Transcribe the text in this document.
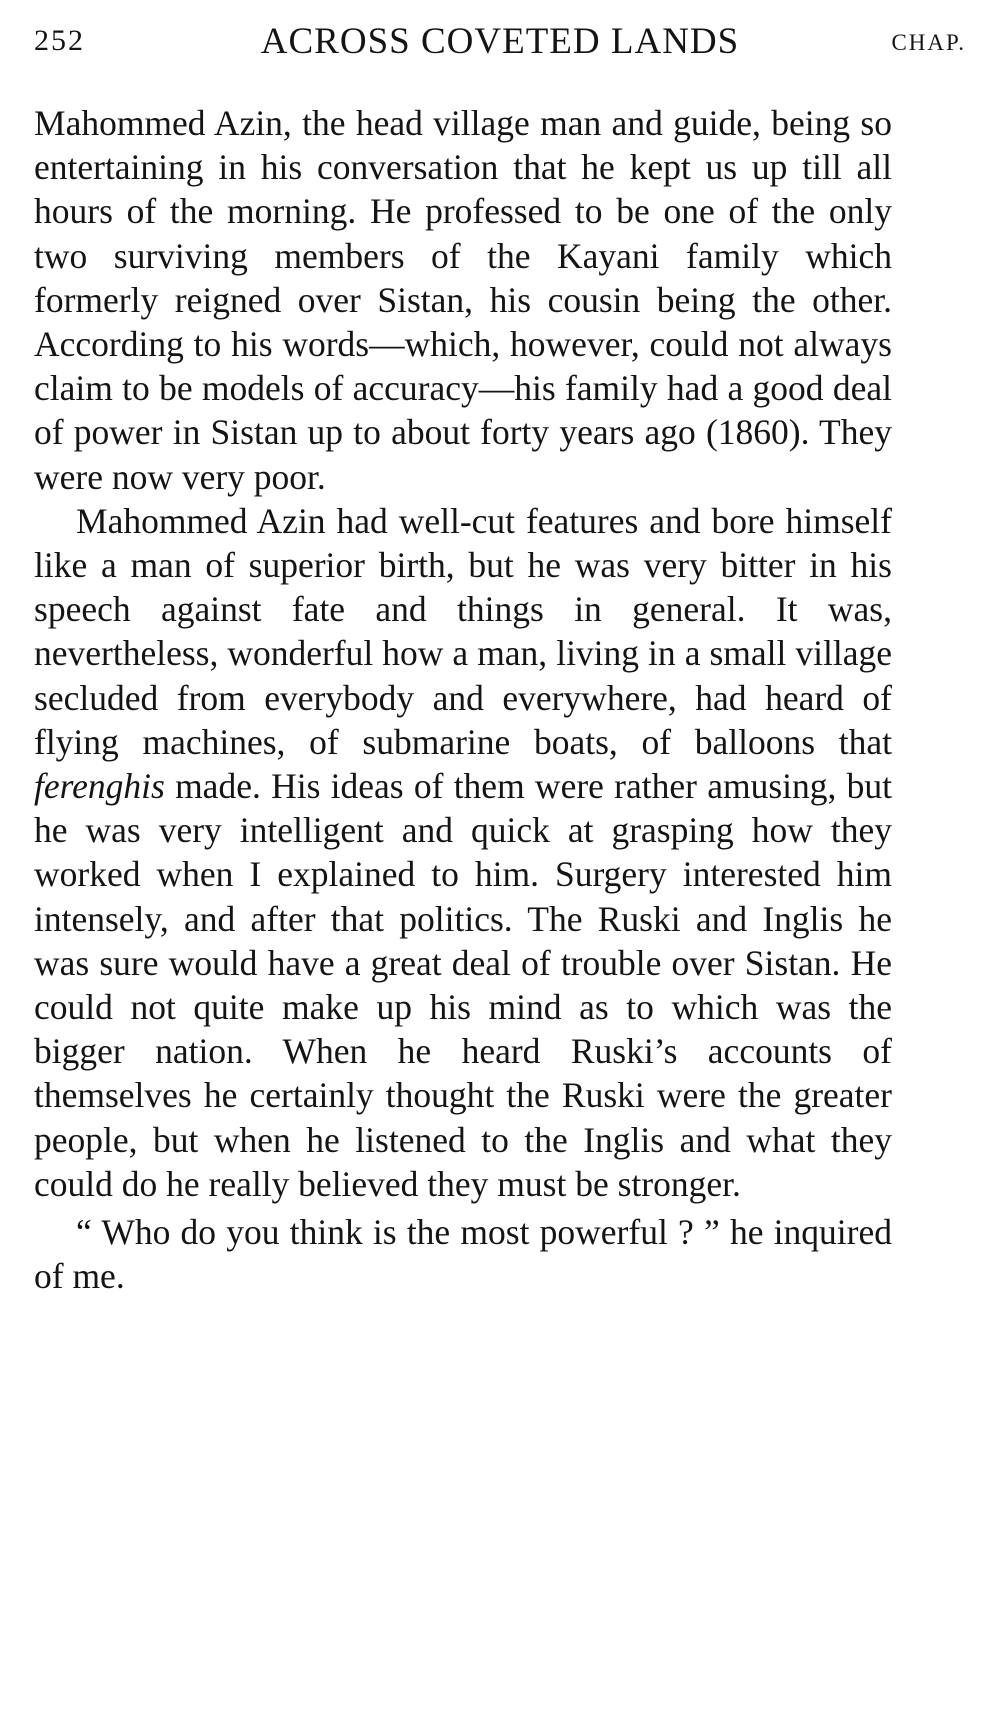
252	ACROSS COVETED LANDS	CHAP.

Mahommed Azin, the head village man and guide, being so entertaining in his conversation that he kept us up till all hours of the morning. He professed to be one of the only two surviving members of the Kayani family which formerly reigned over Sistan, his cousin being the other. According to his words—which, however, could not always claim to be models of accuracy—his family had a good deal of power in Sistan up to about forty years ago (1860). They were now very poor.

Mahommed Azin had well-cut features and bore himself like a man of superior birth, but he was very bitter in his speech against fate and things in general. It was, nevertheless, wonderful how a man, living in a small village secluded from everybody and everywhere, had heard of flying machines, of submarine boats, of balloons that ferenghis made. His ideas of them were rather amusing, but he was very intelligent and quick at grasping how they worked when I explained to him. Surgery interested him intensely, and after that politics. The Ruski and Inglis he was sure would have a great deal of trouble over Sistan. He could not quite make up his mind as to which was the bigger nation. When he heard Ruski’s accounts of themselves he certainly thought the Ruski were the greater people, but when he listened to the Inglis and what they could do he really believed they must be stronger.

“ Who do you think is the most powerful ? ” he inquired of me.
